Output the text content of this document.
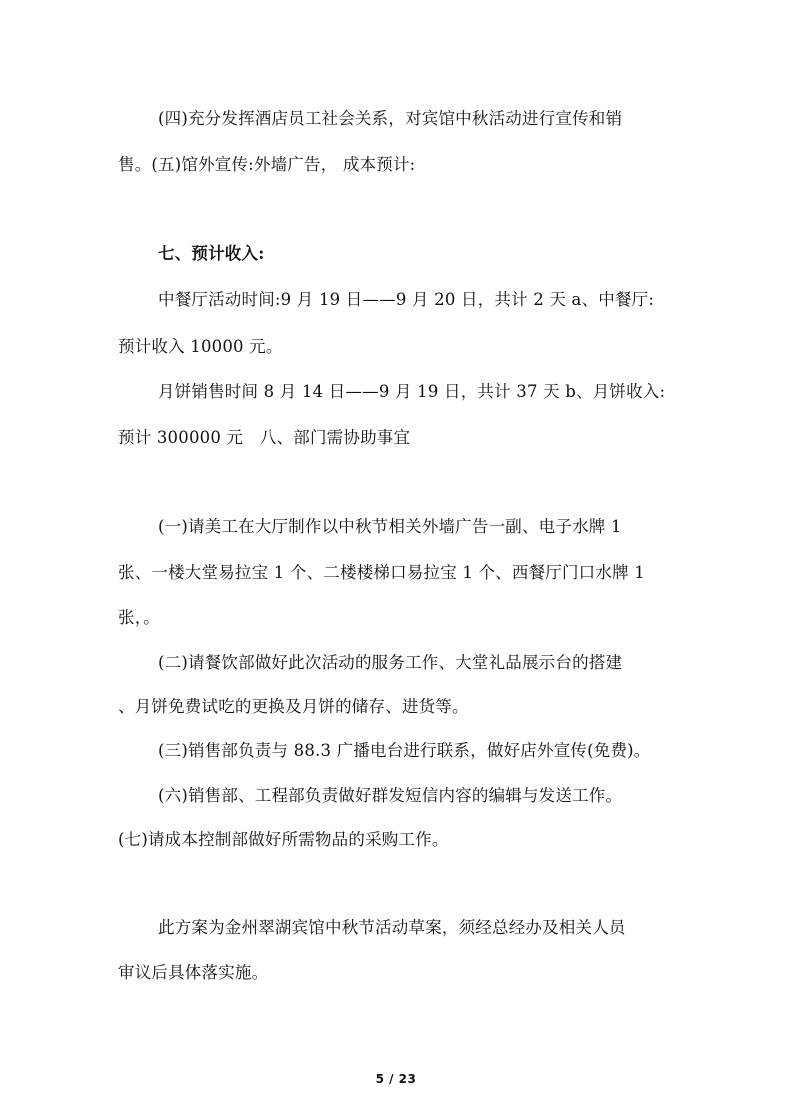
(四)充分发挥酒店员工社会关系，对宾馆中秋活动进行宣传和销
售。(五)馆外宣传:外墙广告， 成本预计:
七、预计收入:
中餐厅活动时间:9 月 19 日——9 月 20 日，共计 2 天 a、中餐厅:
预计收入 10000 元。
月饼销售时间 8 月 14 日——9 月 19 日，共计 37 天 b、月饼收入:
预计 300000 元　八、部门需协助事宜
(一)请美工在大厅制作以中秋节相关外墙广告一副、电子水牌 1
张、一楼大堂易拉宝 1 个、二楼楼梯口易拉宝 1 个、西餐厅门口水牌 1
张，。
(二)请餐饮部做好此次活动的服务工作、大堂礼品展示台的搭建
、月饼免费试吃的更换及月饼的储存、进货等。
(三)销售部负责与 88.3 广播电台进行联系，做好店外宣传(免费)。
(六)销售部、工程部负责做好群发短信内容的编辑与发送工作。
(七)请成本控制部做好所需物品的采购工作。
此方案为金州翠湖宾馆中秋节活动草案，须经总经办及相关人员
审议后具体落实施。
5 / 23
